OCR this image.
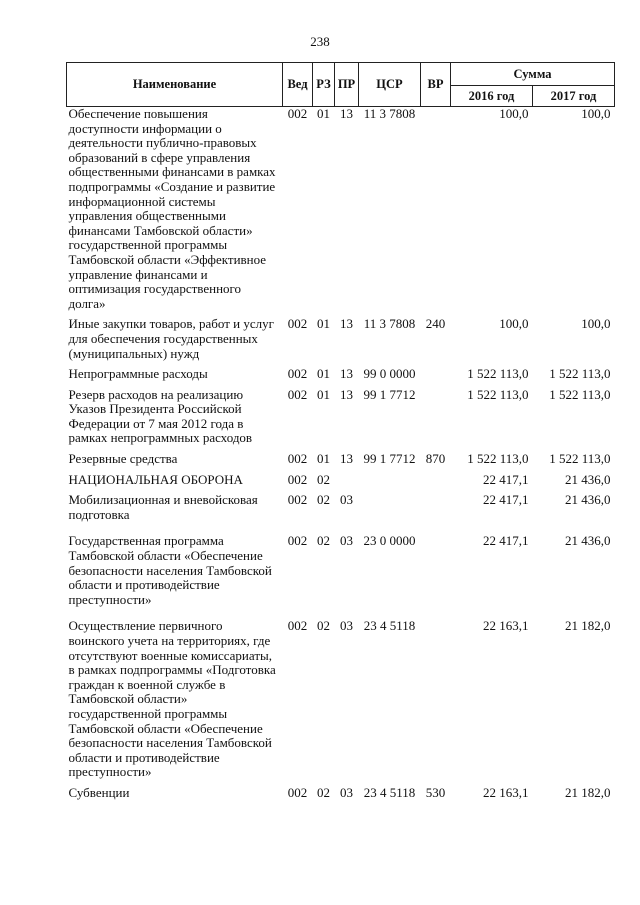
238
Наименование	Вед	РЗ	ПР	ЦСР	ВР	Сумма	
						2016 год	2017 год
Обеспечение повышения доступности информации о деятельности публично-правовых образований в сфере управления общественными финансами в рамках подпрограммы «Создание и развитие информационной системы управления общественными финансами Тамбовской области» государственной программы Тамбовской области «Эффективное управление финансами и оптимизация государственного долга»	002	01	13	11 3 7808		100,0	100,0
Иные закупки товаров, работ и услуг для обеспечения государственных (муниципальных) нужд	002	01	13	11 3 7808	240	100,0	100,0
Непрограммные расходы	002	01	13	99 0 0000		1 522 113,0	1 522 113,0
Резерв расходов на реализацию Указов Президента Российской Федерации от 7 мая 2012 года в рамках непрограммных расходов	002	01	13	99 1 7712		1 522 113,0	1 522 113,0
Резервные средства	002	01	13	99 1 7712	870	1 522 113,0	1 522 113,0
НАЦИОНАЛЬНАЯ ОБОРОНА	002	02				22 417,1	21 436,0
Мобилизационная и вневойсковая подготовка	002	02	03			22 417,1	21 436,0
Государственная программа Тамбовской области «Обеспечение безопасности населения Тамбовской области и противодействие преступности»	002	02	03	23 0 0000		22 417,1	21 436,0
Осуществление первичного воинского учета на территориях, где отсутствуют военные комиссариаты, в рамках подпрограммы «Подготовка граждан к военной службе в Тамбовской области» государственной программы Тамбовской области «Обеспечение безопасности населения Тамбовской области и противодействие преступности»	002	02	03	23 4 5118		22 163,1	21 182,0
Субвенции	002	02	03	23 4 5118	530	22 163,1	21 182,0
